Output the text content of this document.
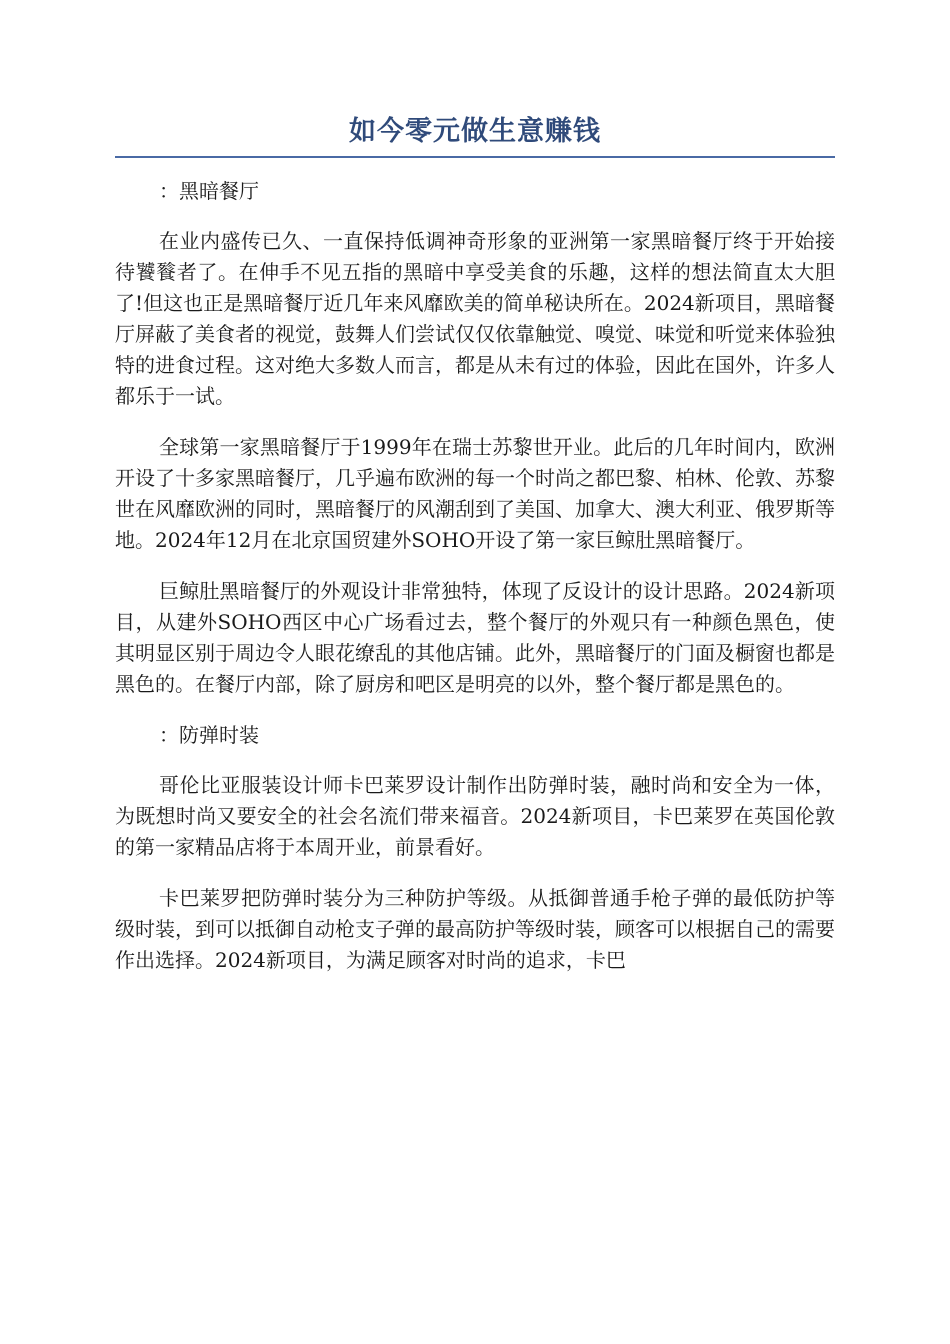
如今零元做生意赚钱
：黑暗餐厅

在业内盛传已久、一直保持低调神奇形象的亚洲第一家黑暗餐厅终于开始接待饕餮者了。在伸手不见五指的黑暗中享受美食的乐趣，这样的想法简直太大胆了!但这也正是黑暗餐厅近几年来风靡欧美的简单秘诀所在。2024新项目，黑暗餐厅屏蔽了美食者的视觉，鼓舞人们尝试仅仅依靠触觉、嗅觉、味觉和听觉来体验独特的进食过程。这对绝大多数人而言，都是从未有过的体验，因此在国外，许多人都乐于一试。

全球第一家黑暗餐厅于1999年在瑞士苏黎世开业。此后的几年时间内，欧洲开设了十多家黑暗餐厅，几乎遍布欧洲的每一个时尚之都巴黎、柏林、伦敦、苏黎世在风靡欧洲的同时，黑暗餐厅的风潮刮到了美国、加拿大、澳大利亚、俄罗斯等地。2024年12月在北京国贸建外SOHO开设了第一家巨鲸肚黑暗餐厅。

巨鲸肚黑暗餐厅的外观设计非常独特，体现了反设计的设计思路。2024新项目，从建外SOHO西区中心广场看过去，整个餐厅的外观只有一种颜色黑色，使其明显区别于周边令人眼花缭乱的其他店铺。此外，黑暗餐厅的门面及橱窗也都是黑色的。在餐厅内部，除了厨房和吧区是明亮的以外，整个餐厅都是黑色的。

：防弹时装

哥伦比亚服装设计师卡巴莱罗设计制作出防弹时装，融时尚和安全为一体，为既想时尚又要安全的社会名流们带来福音。2024新项目，卡巴莱罗在英国伦敦的第一家精品店将于本周开业，前景看好。

卡巴莱罗把防弹时装分为三种防护等级。从抵御普通手枪子弹的最低防护等级时装，到可以抵御自动枪支子弹的最高防护等级时装，顾客可以根据自己的需要作出选择。2024新项目，为满足顾客对时尚的追求，卡巴
